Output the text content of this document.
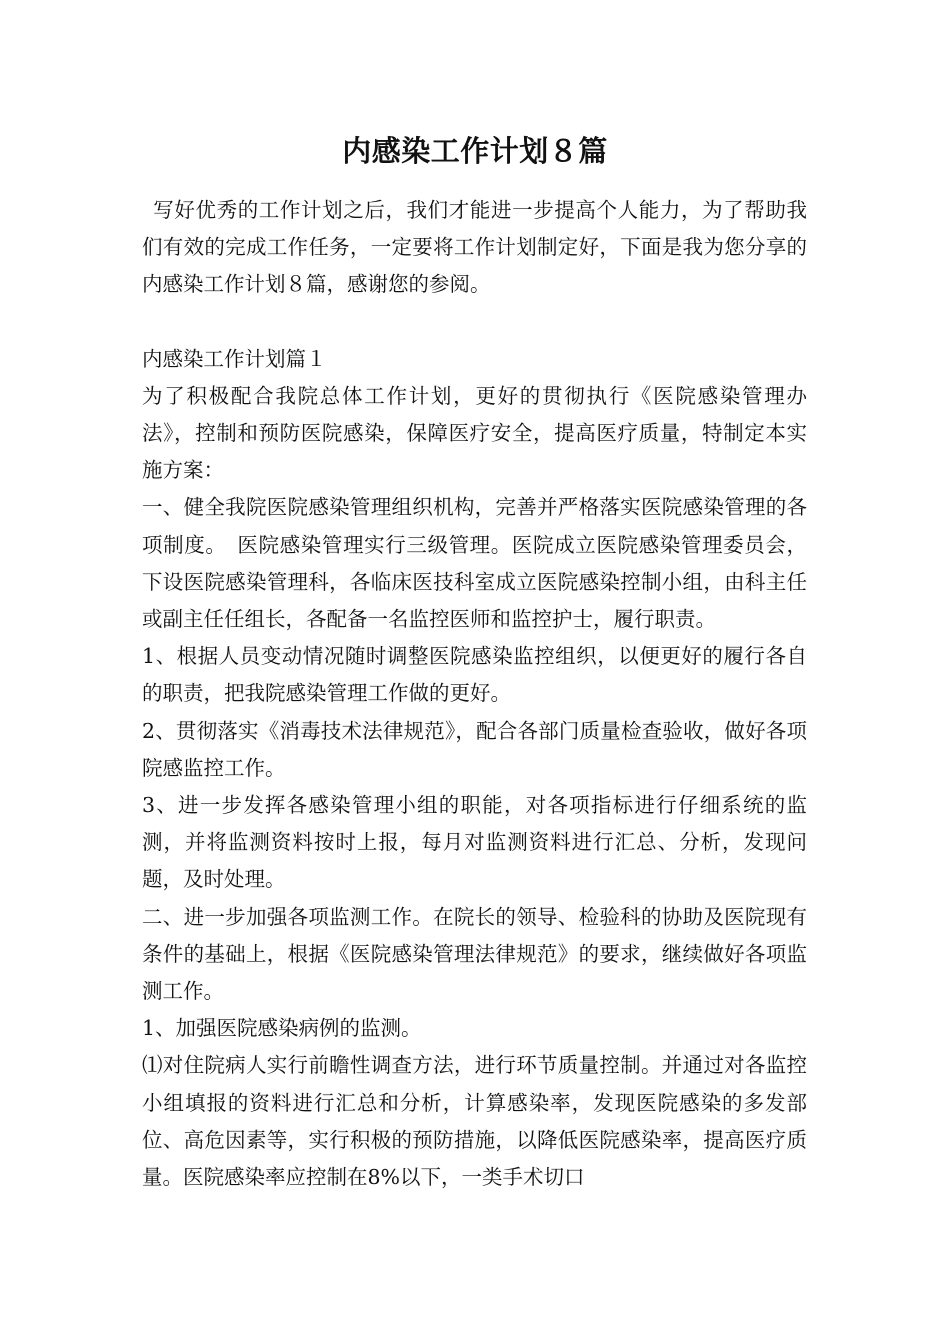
内感染工作计划８篇

写好优秀的工作计划之后，我们才能进一步提高个人能力，为了帮助我们有效的完成工作任务，一定要将工作计划制定好，下面是我为您分享的内感染工作计划８篇，感谢您的参阅。

内感染工作计划篇１

为了积极配合我院总体工作计划，更好的贯彻执行《医院感染管理办法》，控制和预防医院感染，保障医疗安全，提高医疗质量，特制定本实施方案：

一、健全我院医院感染管理组织机构，完善并严格落实医院感染管理的各项制度。　医院感染管理实行三级管理。医院成立医院感染管理委员会，下设医院感染管理科，各临床医技科室成立医院感染控制小组，由科主任或副主任任组长，各配备一名监控医师和监控护士，履行职责。

1、根据人员变动情况随时调整医院感染监控组织，以便更好的履行各自的职责，把我院感染管理工作做的更好。

2、贯彻落实《消毒技术法律规范》，配合各部门质量检查验收，做好各项院感监控工作。

3、进一步发挥各感染管理小组的职能，对各项指标进行仔细系统的监测，并将监测资料按时上报，每月对监测资料进行汇总、分析，发现问题，及时处理。

二、进一步加强各项监测工作。在院长的领导、检验科的协助及医院现有条件的基础上，根据《医院感染管理法律规范》的要求，继续做好各项监测工作。

1、加强医院感染病例的监测。

⑴对住院病人实行前瞻性调查方法，进行环节质量控制。并通过对各监控小组填报的资料进行汇总和分析，计算感染率，发现医院感染的多发部位、高危因素等，实行积极的预防措施，以降低医院感染率，提高医疗质量。医院感染率应控制在8%以下，一类手术切口
